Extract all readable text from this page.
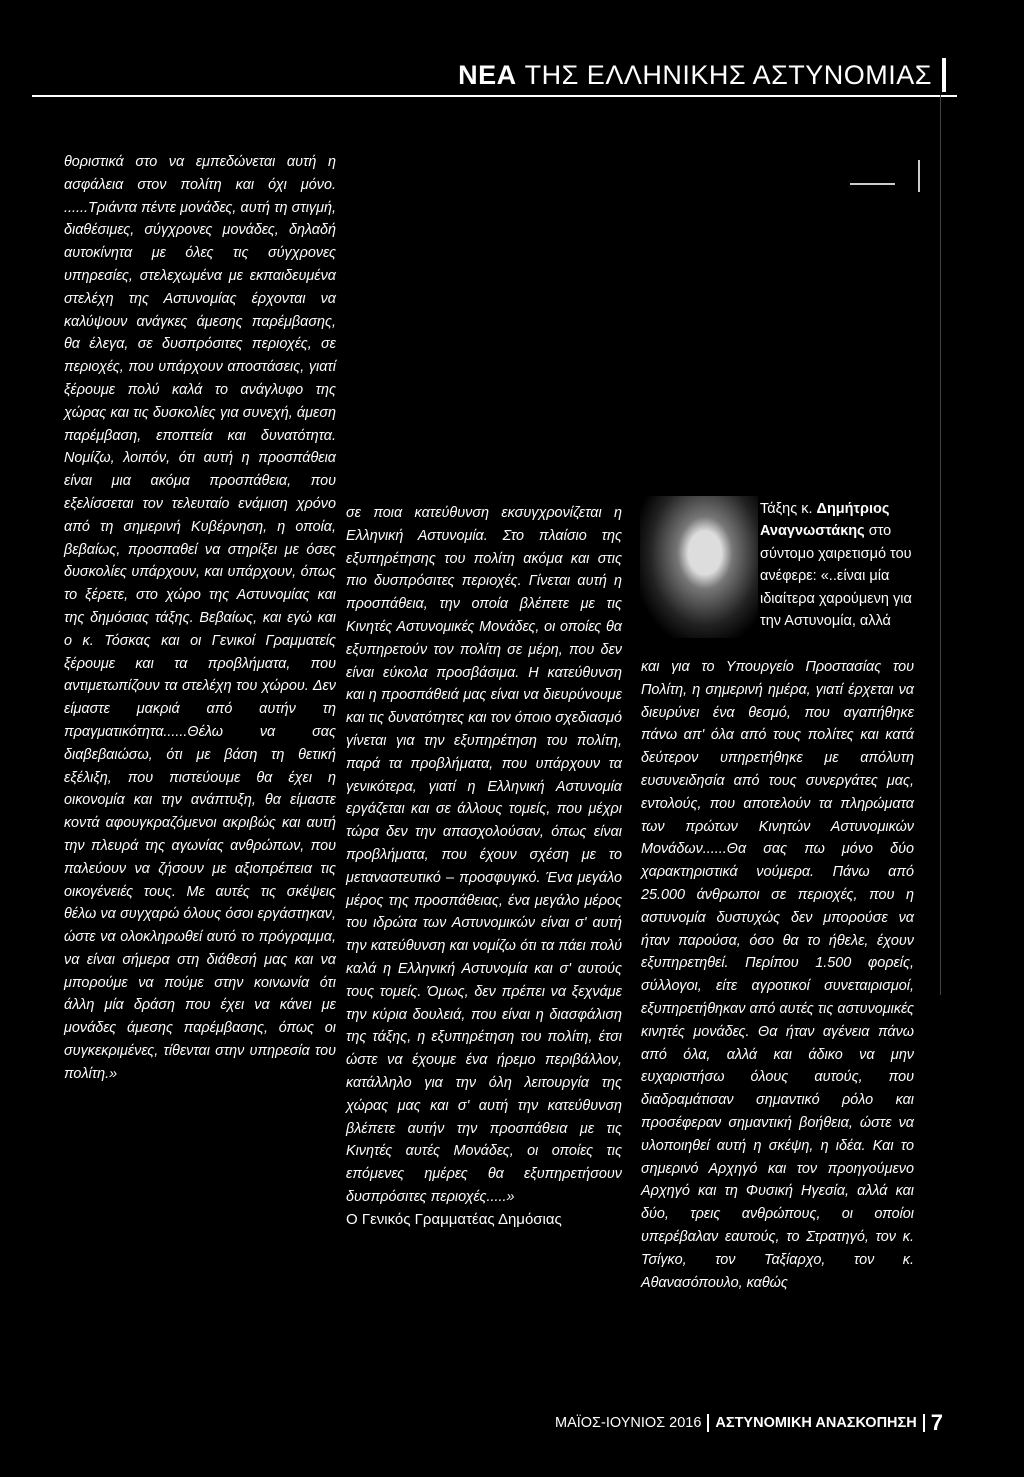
ΝΕΑ ΤΗΣ ΕΛΛΗΝΙΚΗΣ ΑΣΤΥΝΟΜΙΑΣ

θοριστικά στο να εμπεδώνεται αυτή η ασφάλεια στον πολίτη και όχι μόνο. ......Τριάντα πέντε μονάδες, αυτή τη στιγμή, διαθέσιμες, σύγχρονες μονάδες, δηλαδή αυτοκίνητα με όλες τις σύγχρονες υπηρεσίες, στελεχωμένα με εκπαιδευμένα στελέχη της Αστυνομίας έρχονται να καλύψουν ανάγκες άμεσης παρέμβασης, θα έλεγα, σε δυσπρόσιτες περιοχές, σε περιοχές, που υπάρχουν αποστάσεις, γιατί ξέρουμε πολύ καλά το ανάγλυφο της χώρας και τις δυσκολίες για συνεχή, άμεση παρέμβαση, εποπτεία και δυνατότητα. Νομίζω, λοιπόν, ότι αυτή η προσπάθεια είναι μια ακόμα προσπάθεια, που εξελίσσεται τον τελευταίο ενάμιση χρόνο από τη σημερινή Κυβέρνηση, η οποία, βεβαίως, προσπαθεί να στηρίξει με όσες δυσκολίες υπάρχουν, και υπάρχουν, όπως το ξέρετε, στο χώρο της Αστυνομίας και της δημόσιας τάξης. Βεβαίως, και εγώ και ο κ. Τόσκας και οι Γενικοί Γραμματείς ξέρουμε και τα προβλήματα, που αντιμετωπίζουν τα στελέχη του χώρου. Δεν είμαστε μακριά από αυτήν τη πραγματικότητα......Θέλω να σας διαβεβαιώσω, ότι με βάση τη θετική εξέλιξη, που πιστεύουμε θα έχει η οικονομία και την ανάπτυξη, θα είμαστε κοντά αφουγκραζόμενοι ακριβώς και αυτή την πλευρά της αγωνίας ανθρώπων, που παλεύουν να ζήσουν με αξιοπρέπεια τις οικογένειές τους. Με αυτές τις σκέψεις θέλω να συγχαρώ όλους όσοι εργάστηκαν, ώστε να ολοκληρωθεί αυτό το πρόγραμμα, να είναι σήμερα στη διάθεσή μας και να μπορούμε να πούμε στην κοινωνία ότι άλλη μία δράση που έχει να κάνει με μονάδες άμεσης παρέμβασης, όπως οι συγκεκριμένες, τίθενται στην υπηρεσία του πολίτη.»

σε ποια κατεύθυνση εκσυγχρονίζεται η Ελληνική Αστυνομία. Στο πλαίσιο της εξυπηρέτησης του πολίτη ακόμα και στις πιο δυσπρόσιτες περιοχές. Γίνεται αυτή η προσπάθεια, την οποία βλέπετε με τις Κινητές Αστυνομικές Μονάδες, οι οποίες θα εξυπηρετούν τον πολίτη σε μέρη, που δεν είναι εύκολα προσβάσιμα. Η κατεύθυνση και η προσπάθειά μας είναι να διευρύνουμε και τις δυνατότητες και τον όποιο σχεδιασμό γίνεται για την εξυπηρέτηση του πολίτη, παρά τα προβλήματα, που υπάρχουν τα γενικότερα, γιατί η Ελληνική Αστυνομία εργάζεται και σε άλλους τομείς, που μέχρι τώρα δεν την απασχολούσαν, όπως είναι προβλήματα, που έχουν σχέση με το μεταναστευτικό – προσφυγικό. Ένα μεγάλο μέρος της προσπάθειας, ένα μεγάλο μέρος του ιδρώτα των Αστυνομικών είναι σ' αυτή την κατεύθυνση και νομίζω ότι τα πάει πολύ καλά η Ελληνική Αστυνομία και σ' αυτούς τους τομείς. Όμως, δεν πρέπει να ξεχνάμε την κύρια δουλειά, που είναι η διασφάλιση της τάξης, η εξυπηρέτηση του πολίτη, έτσι ώστε να έχουμε ένα ήρεμο περιβάλλον, κατάλληλο για την όλη λειτουργία της χώρας μας και σ' αυτή την κατεύθυνση βλέπετε αυτήν την προσπάθεια με τις Κινητές αυτές Μονάδες, οι οποίες τις επόμενες ημέρες θα εξυπηρετήσουν δυσπρόσιτες περιοχές.....»

Ο Γενικός Γραμματέας Δημόσιας

Τάξης κ. Δημήτριος Αναγνωστάκης στο σύντομο χαιρετισμό του ανέφερε: «..είναι μία ιδιαίτερα χαρούμενη για την Αστυνομία, αλλά

και για το Υπουργείο Προστασίας του Πολίτη, η σημερινή ημέρα, γιατί έρχεται να διευρύνει ένα θεσμό, που αγαπήθηκε πάνω απ' όλα από τους πολίτες και κατά δεύτερον υπηρετήθηκε με απόλυτη ευσυνειδησία από τους συνεργάτες μας, εντολούς, που αποτελούν τα πληρώματα των πρώτων Κινητών Αστυνομικών Μονάδων......Θα σας πω μόνο δύο χαρακτηριστικά νούμερα. Πάνω από 25.000 άνθρωποι σε περιοχές, που η αστυνομία δυστυχώς δεν μπορούσε να ήταν παρούσα, όσο θα το ήθελε, έχουν εξυπηρετηθεί. Περίπου 1.500 φορείς, σύλλογοι, είτε αγροτικοί συνεταιρισμοί, εξυπηρετήθηκαν από αυτές τις αστυνομικές κινητές μονάδες. Θα ήταν αγένεια πάνω από όλα, αλλά και άδικο να μην ευχαριστήσω όλους αυτούς, που διαδραμάτισαν σημαντικό ρόλο και προσέφεραν σημαντική βοήθεια, ώστε να υλοποιηθεί αυτή η σκέψη, η ιδέα. Και το σημερινό Αρχηγό και τον προηγούμενο Αρχηγό και τη Φυσική Ηγεσία, αλλά και δύο, τρεις ανθρώπους, οι οποίοι υπερέβαλαν εαυτούς, το Στρατηγό, τον κ. Τσίγκο, τον Ταξίαρχο, τον κ. Αθανασόπουλο, καθώς

ΜΑΪΟΣ-ΙΟΥΝΙΟΣ 2016 ΑΣΤΥΝΟΜΙΚΗ ΑΝΑΣΚΟΠΗΣΗ 7
